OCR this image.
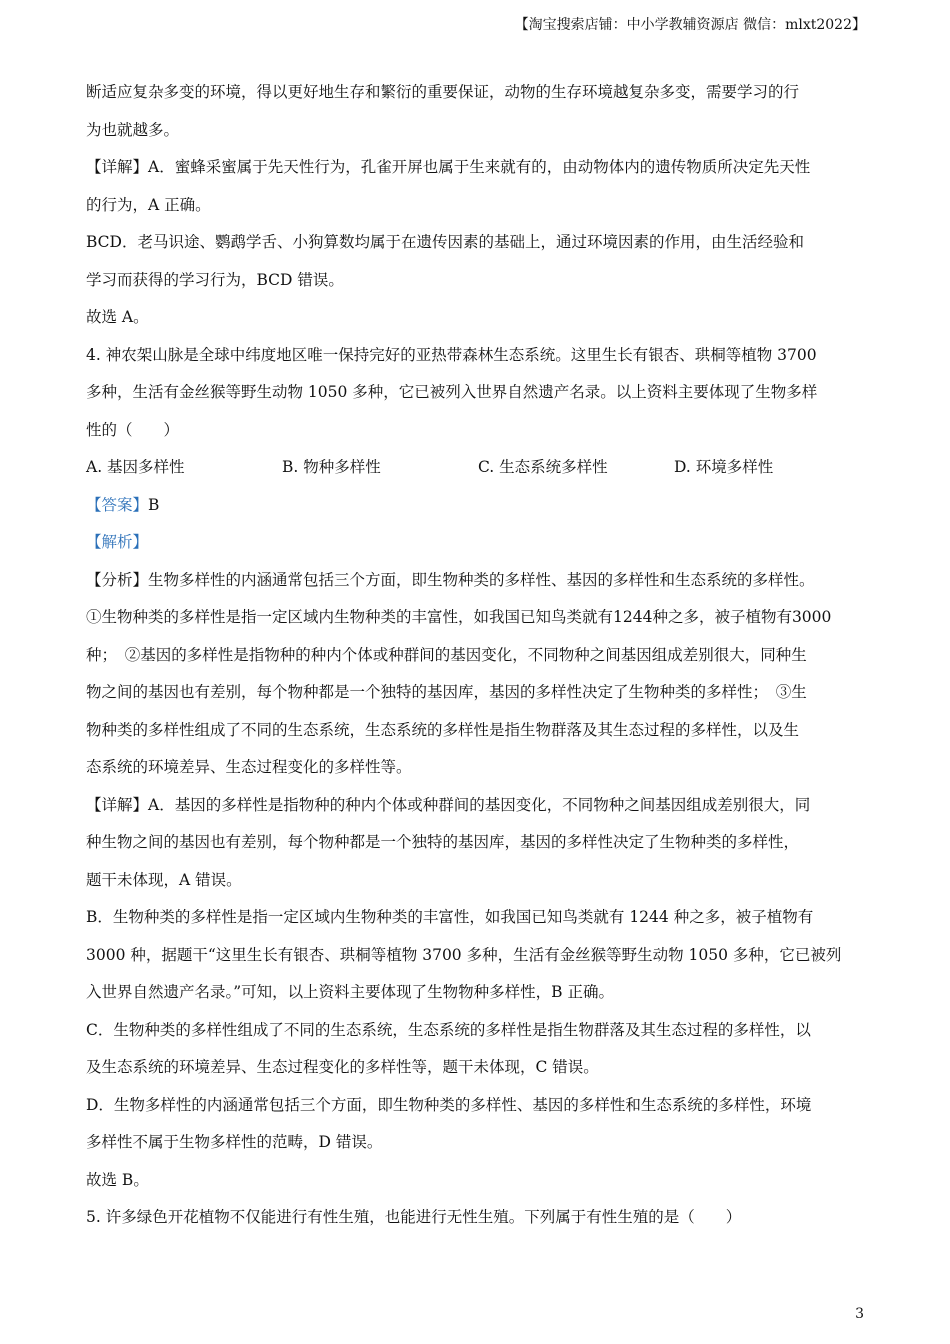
【淘宝搜索店铺：中小学教辅资源店 微信：mlxt2022】
断适应复杂多变的环境，得以更好地生存和繁衍的重要保证，动物的生存环境越复杂多变，需要学习的行
为也就越多。
【详解】A．蜜蜂采蜜属于先天性行为，孔雀开屏也属于生来就有的，由动物体内的遗传物质所决定先天性
的行为，A 正确。
BCD．老马识途、鹦鹉学舌、小狗算数均属于在遗传因素的基础上，通过环境因素的作用，由生活经验和
学习而获得的学习行为，BCD 错误。
故选 A。
4. 神农架山脉是全球中纬度地区唯一保持完好的亚热带森林生态系统。这里生长有银杏、珙桐等植物 3700
多种，生活有金丝猴等野生动物 1050 多种，它已被列入世界自然遗产名录。以上资料主要体现了生物多样
性的（　　）
A. 基因多样性	B. 物种多样性	C. 生态系统多样性	D. 环境多样性
【答案】B
【解析】
【分析】生物多样性的内涵通常包括三个方面，即生物种类的多样性、基因的多样性和生态系统的多样性。
①生物种类的多样性是指一定区域内生物种类的丰富性，如我国已知鸟类就有1244种之多，被子植物有3000
种；　②基因的多样性是指物种的种内个体或种群间的基因变化，不同物种之间基因组成差别很大，同种生
物之间的基因也有差别，每个物种都是一个独特的基因库，基因的多样性决定了生物种类的多样性；　③生
物种类的多样性组成了不同的生态系统，生态系统的多样性是指生物群落及其生态过程的多样性，以及生
态系统的环境差异、生态过程变化的多样性等。
【详解】A．基因的多样性是指物种的种内个体或种群间的基因变化，不同物种之间基因组成差别很大，同
种生物之间的基因也有差别，每个物种都是一个独特的基因库，基因的多样性决定了生物种类的多样性，
题干未体现，A 错误。
B．生物种类的多样性是指一定区域内生物种类的丰富性，如我国已知鸟类就有 1244 种之多，被子植物有
3000 种，据题干“这里生长有银杏、珙桐等植物 3700 多种，生活有金丝猴等野生动物 1050 多种，它已被列
入世界自然遗产名录。”可知，以上资料主要体现了生物物种多样性，B 正确。
C．生物种类的多样性组成了不同的生态系统，生态系统的多样性是指生物群落及其生态过程的多样性，以
及生态系统的环境差异、生态过程变化的多样性等，题干未体现，C 错误。
D．生物多样性的内涵通常包括三个方面，即生物种类的多样性、基因的多样性和生态系统的多样性，环境
多样性不属于生物多样性的范畴，D 错误。
故选 B。
5. 许多绿色开花植物不仅能进行有性生殖，也能进行无性生殖。下列属于有性生殖的是（　　）
3
